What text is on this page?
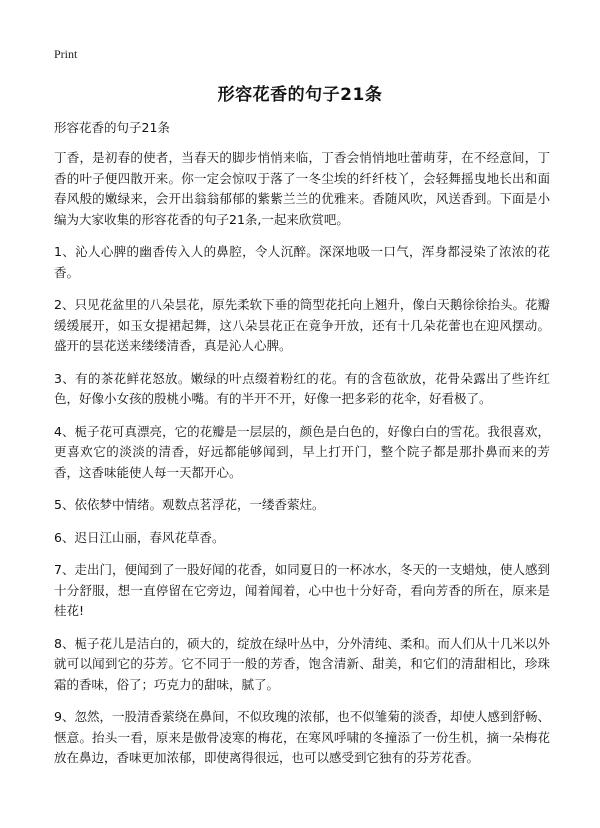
Print
形容花香的句子21条
形容花香的句子21条

丁香，是初春的使者，当春天的脚步悄悄来临，丁香会悄悄地吐蕾萌芽，在不经意间，丁香的叶子便四散开来。你一定会惊叹于落了一冬尘埃的纤纤枝丫，会轻舞摇曳地长出和面春风般的嫩绿来，会开出翁翁郁郁的紫紫兰兰的优雅来。香随风吹，风送香到。下面是小编为大家收集的形容花香的句子21条,一起来欣赏吧。

1、沁人心脾的幽香传入人的鼻腔，令人沉醉。深深地吸一口气，浑身都浸染了浓浓的花香。

2、只见花盆里的八朵昙花，原先柔软下垂的筒型花托向上翘升，像白天鹅徐徐抬头。花瓣缓缓展开，如玉女提裙起舞，这八朵昙花正在竟争开放，还有十几朵花蕾也在迎风摆动。盛开的昙花送来缕缕清香，真是沁人心脾。

3、有的茶花鲜花怒放。嫩绿的叶点缀着粉红的花。有的含苞欲放，花骨朵露出了些许红色，好像小女孩的殷桃小嘴。有的半开不开，好像一把多彩的花伞，好看极了。

4、栀子花可真漂亮，它的花瓣是一层层的，颜色是白色的，好像白白的雪花。我很喜欢，更喜欢它的淡淡的清香，好远都能够闻到，早上打开门，整个院子都是那扑鼻而来的芳香，这香味能使人每一天都开心。

5、依依梦中情绪。观数点茗浮花，一缕香萦炷。

6、迟日江山丽，春风花草香。

7、走出门，便闻到了一股好闻的花香，如同夏日的一杯冰水，冬天的一支蜡烛，使人感到十分舒服，想一直停留在它旁边，闻着闻着，心中也十分好奇，看向芳香的所在，原来是桂花!

8、栀子花儿是洁白的，硕大的，绽放在绿叶丛中，分外清纯、柔和。而人们从十几米以外就可以闻到它的芬芳。它不同于一般的芳香，饱含清新、甜美，和它们的清甜相比，珍珠霜的香味，俗了；巧克力的甜味，腻了。

9、忽然，一股清香萦绕在鼻间，不似玫瑰的浓郁，也不似雏菊的淡香，却使人感到舒畅、惬意。抬头一看，原来是傲骨凌寒的梅花，在寒风呼啸的冬撞添了一份生机，摘一朵梅花放在鼻边，香味更加浓郁，即使离得很远，也可以感受到它独有的芬芳花香。
